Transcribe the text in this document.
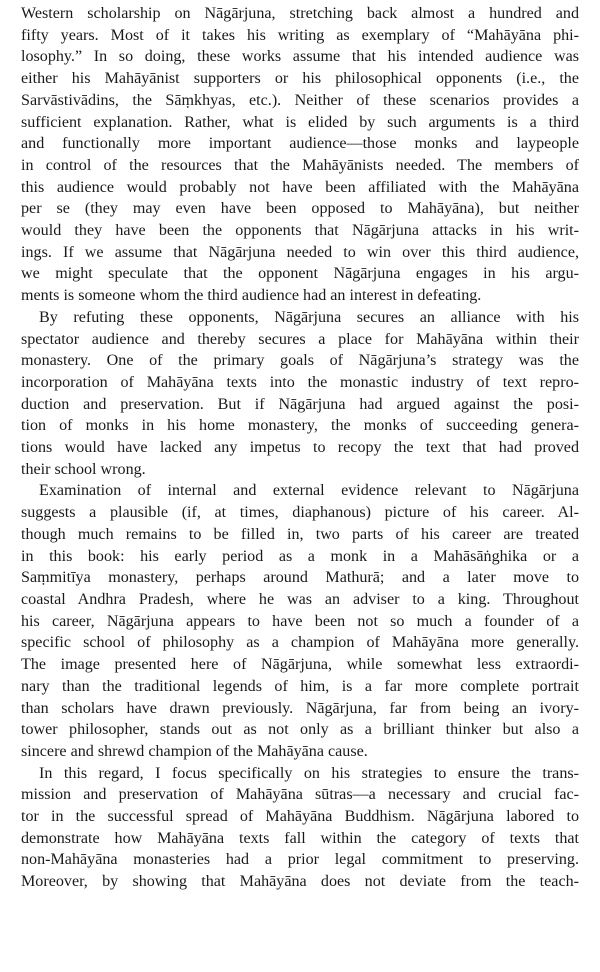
Western scholarship on Nāgārjuna, stretching back almost a hundred and
fifty years. Most of it takes his writing as exemplary of “Mahāyāna phi-
losophy.” In so doing, these works assume that his intended audience was
either his Mahāyānist supporters or his philosophical opponents (i.e., the
Sarvāstivādins, the Sāṃkhyas, etc.). Neither of these scenarios provides a
sufficient explanation. Rather, what is elided by such arguments is a third
and functionally more important audience—those monks and laypeople
in control of the resources that the Mahāyānists needed. The members of
this audience would probably not have been affiliated with the Mahāyāna
per se (they may even have been opposed to Mahāyāna), but neither
would they have been the opponents that Nāgārjuna attacks in his writ-
ings. If we assume that Nāgārjuna needed to win over this third audience,
we might speculate that the opponent Nāgārjuna engages in his argu-
ments is someone whom the third audience had an interest in defeating.
By refuting these opponents, Nāgārjuna secures an alliance with his
spectator audience and thereby secures a place for Mahāyāna within their
monastery. One of the primary goals of Nāgārjuna’s strategy was the
incorporation of Mahāyāna texts into the monastic industry of text repro-
duction and preservation. But if Nāgārjuna had argued against the posi-
tion of monks in his home monastery, the monks of succeeding genera-
tions would have lacked any impetus to recopy the text that had proved
their school wrong.
Examination of internal and external evidence relevant to Nāgārjuna
suggests a plausible (if, at times, diaphanous) picture of his career. Al-
though much remains to be filled in, two parts of his career are treated
in this book: his early period as a monk in a Mahāsāṅghika or a
Saṃmitīya monastery, perhaps around Mathurā; and a later move to
coastal Andhra Pradesh, where he was an adviser to a king. Throughout
his career, Nāgārjuna appears to have been not so much a founder of a
specific school of philosophy as a champion of Mahāyāna more generally.
The image presented here of Nāgārjuna, while somewhat less extraordi-
nary than the traditional legends of him, is a far more complete portrait
than scholars have drawn previously. Nāgārjuna, far from being an ivory-
tower philosopher, stands out as not only as a brilliant thinker but also a
sincere and shrewd champion of the Mahāyāna cause.
In this regard, I focus specifically on his strategies to ensure the trans-
mission and preservation of Mahāyāna sūtras—a necessary and crucial fac-
tor in the successful spread of Mahāyāna Buddhism. Nāgārjuna labored to
demonstrate how Mahāyāna texts fall within the category of texts that
non-Mahāyāna monasteries had a prior legal commitment to preserving.
Moreover, by showing that Mahāyāna does not deviate from the teach-
